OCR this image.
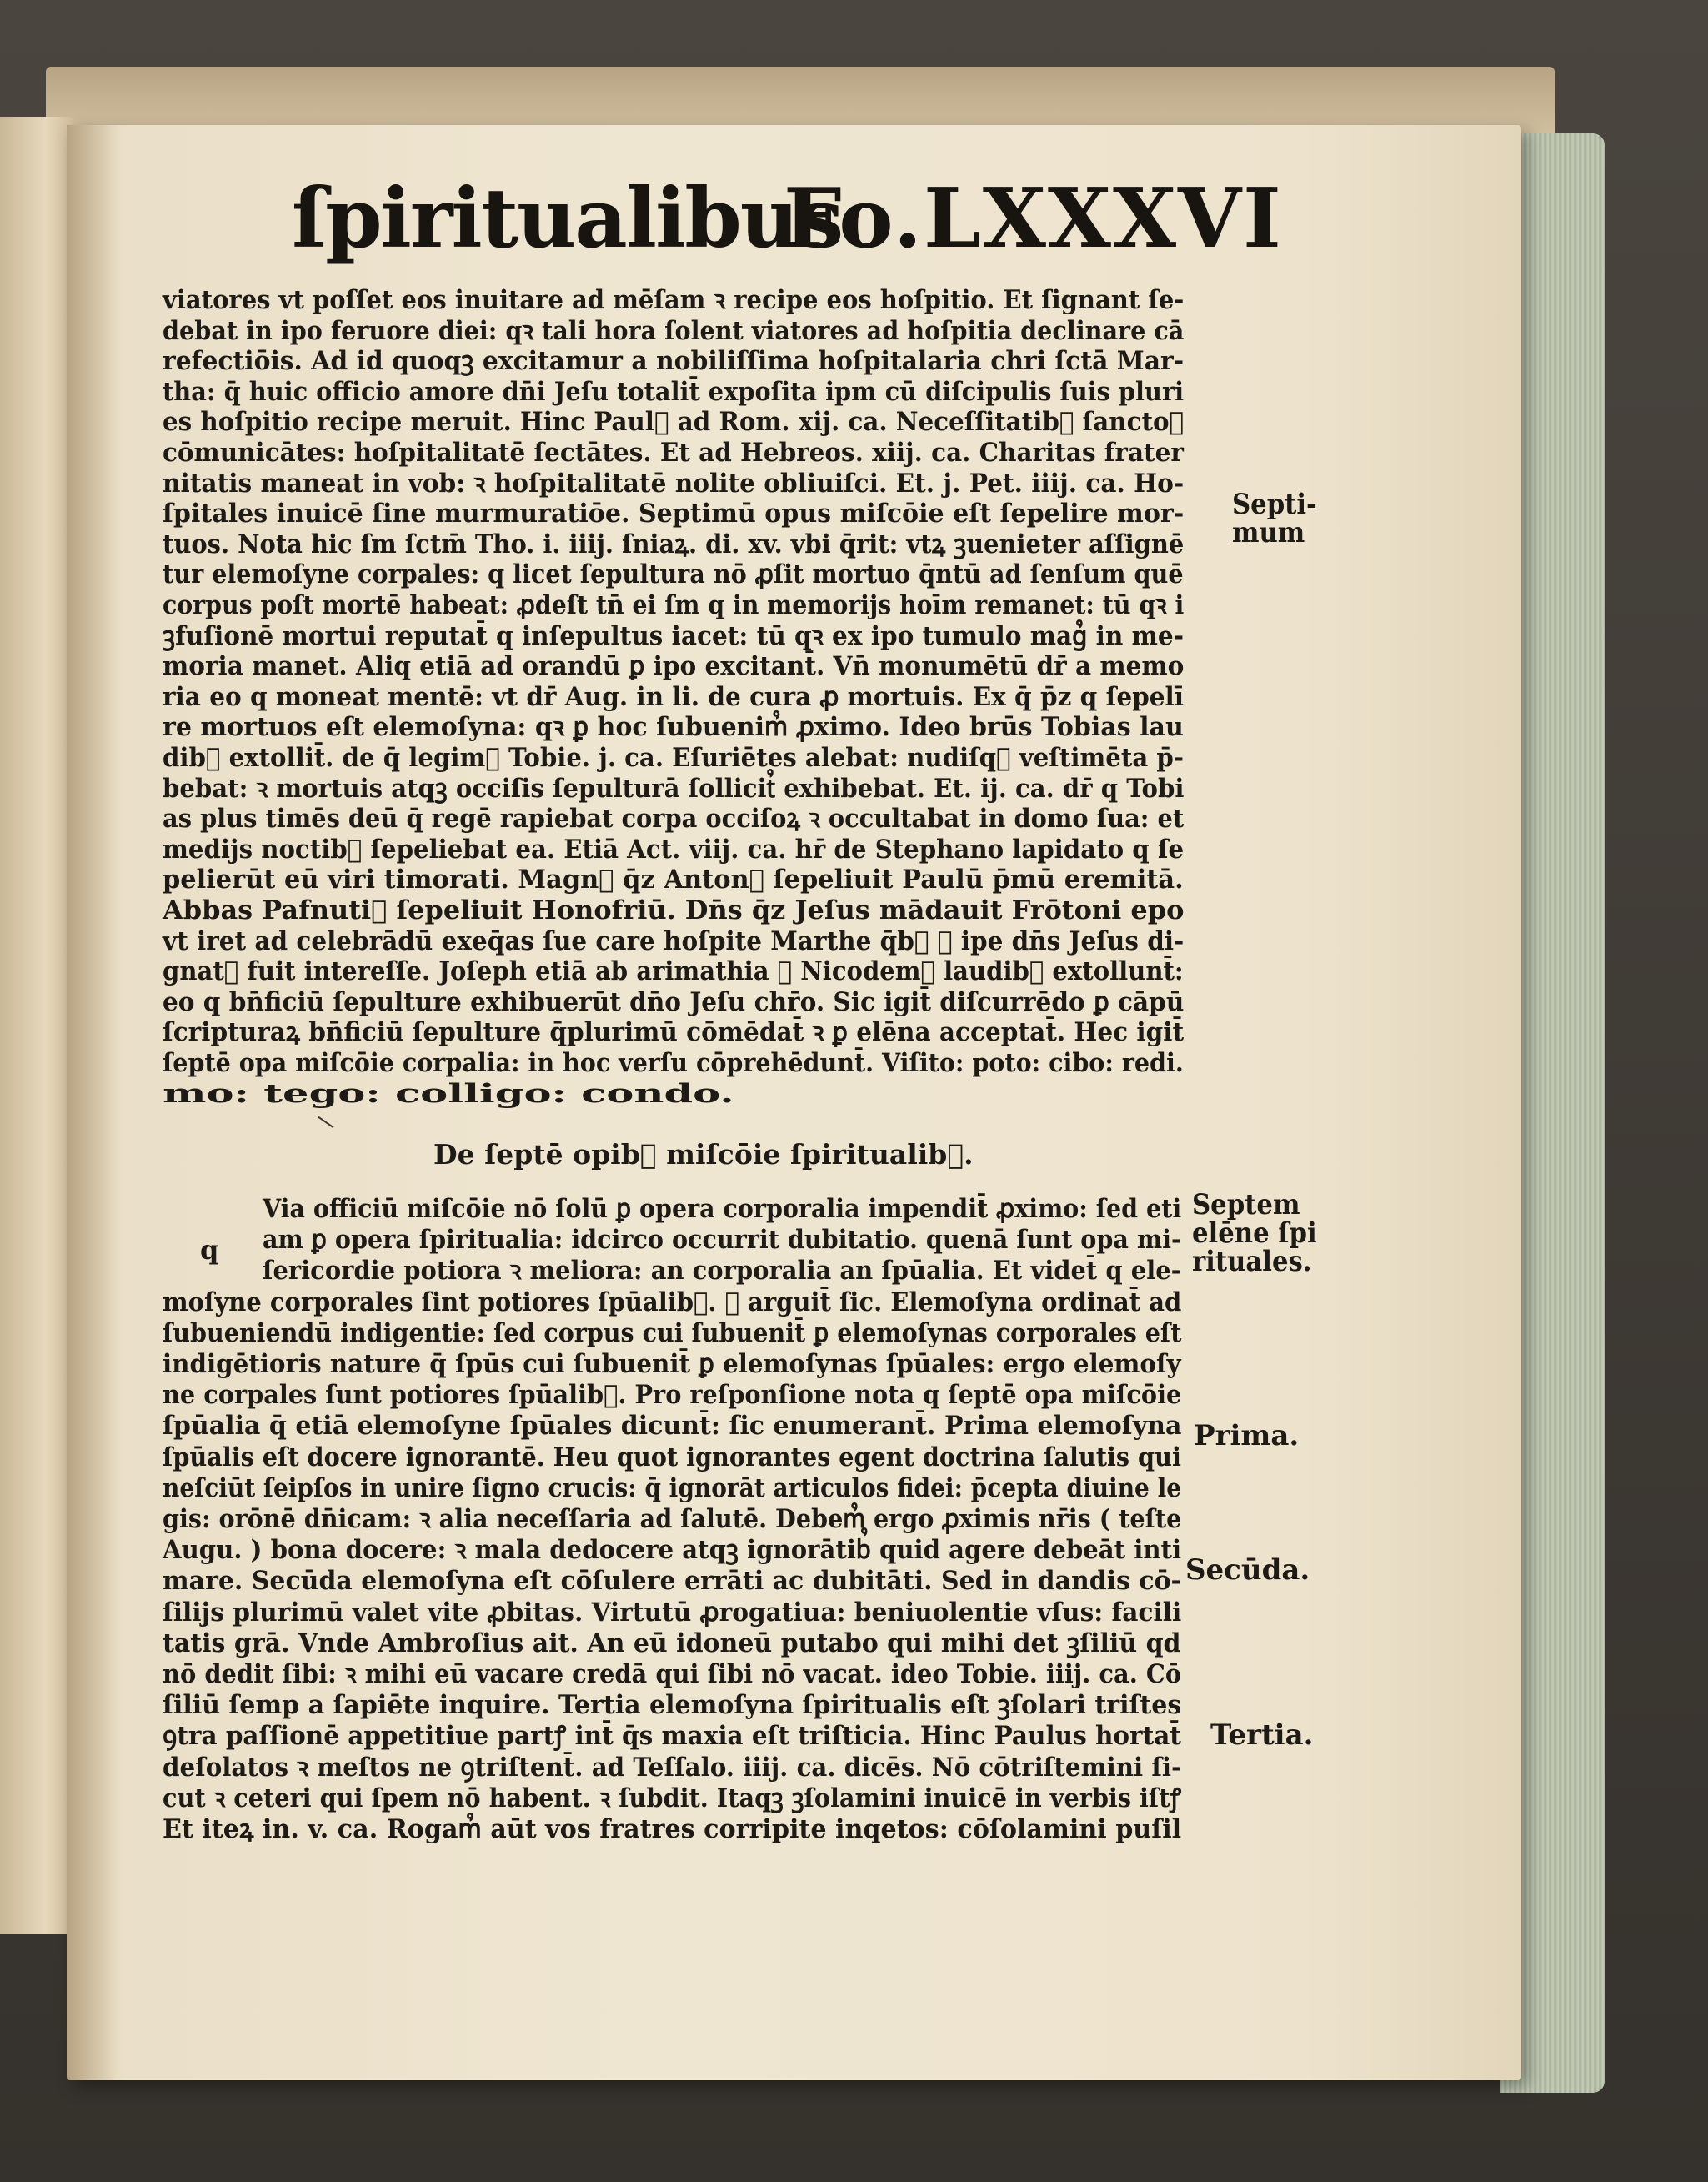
ſpiritualibus
Fo.LXXXVI
viatores vt poſſet eos inuitare ad mēſam ꝛ recipe eos hoſpitio. Et ſignant ſe-
debat in ipo feruore diei: qꝛ tali hora ſolent viatores ad hoſpitia declinare cā
refectiōis. Ad id quoqꝫ excitamur a nobiliſſima hoſpitalaria chri ſctā Mar-
tha: q̄ huic officio amore dn̄i Jeſu totalit̄ expoſita ipm cū diſcipulis ſuis pluri
es hoſpitio recipe meruit. Hinc Paul᷒ ad Rom. xij. ca. Neceſſitatib᷒ ſanctoꝝ
cōmunicātes: hoſpitalitatē ſectātes. Et ad Hebreos. xiij. ca. Charitas frater
nitatis maneat in vob: ꝛ hoſpitalitatē nolite obliuiſci. Et. j. Pet. iiij. ca. Ho-
ſpitales inuicē ſine murmuratiōe. Septimū opus miſcōie eſt ſepelire mor-
tuos. Nota hic ſm ſctm̄ Tho. i. iiij. ſniaꝝ. di. xv. vbi q̄rit: vtꝝ ꝫuenieter aſſignē
tur elemoſyne corpales: q licet ſepultura nō ꝓſit mortuo q̄ntū ad ſenſum quē
corpus poſt mortē habeat: ꝓdeſt tn̄ ei ſm q in memorijs hoīm remanet: tū qꝛ i
ꝫfuſionē mortui reputat̄ q inſepultus iacet: tū qꝛ ex ipo tumulo mag᷒ in me-
moria manet. Aliq etiā ad orandū ꝑ ipo excitant̄. Vn̄ monumētū dr̄ a memo
ria eo q moneat mentē: vt dr̄ Aug. in li. de cura ꝓ mortuis. Ex q̄ p̄z q ſepelī
re mortuos eſt elemoſyna: qꝛ ꝑ hoc ſubuenim᷒ ꝓximo. Ideo brūs Tobias lau
dib᷒ extollit̄. de q̄ legim᷒ Tobie. j. ca. Eſuriētes alebat: nudiſqꝫ veſtimēta p̄-
bebat: ꝛ mortuis atqꝫ occiſis ſepulturā ſollicit᷒ exhibebat. Et. ij. ca. dr̄ q Tobi
as plus timēs deū q̄ regē rapiebat corpa occiſoꝝ ꝛ occultabat in domo ſua: et
medijs noctib᷒ ſepeliebat ea. Etiā Act. viij. ca. hr̄ de Stephano lapidato q ſe
pelierūt eū viri timorati. Magn᷒ q̄z Anton᷒ ſepeliuit Paulū p̄mū eremitā.
Abbas Pafnuti᷒ ſepeliuit Honofriū. Dn̄s q̄z Jeſus mādauit Frōtoni epo
vt iret ad celebrādū exeq̄as ſue care hoſpite Marthe q̄b᷒ ꝛ ipe dn̄s Jeſus di-
gnat᷒ fuit intereſſe. Joſeph etiā ab arimathia ꝛ Nicodem᷒ laudib᷒ extollunt̄:
eo q bn̄ficiū ſepulture exhibuerūt dn̄o Jeſu chr̄o. Sic igit̄ diſcurrēdo ꝑ cāpū
ſcripturaꝝ bn̄ficiū ſepulture q̄plurimū cōmēdat̄ ꝛ ꝑ elēna acceptat̄. Hec igit̄
ſeptē opa miſcōie corpalia: in hoc verſu cōprehēdunt̄. Viſito: poto: cibo: redi.
mo: tego: colligo: condo.
De ſeptē opib᷒ miſcōie ſpiritualib᷒.
q
Via officiū miſcōie nō ſolū ꝑ opera corporalia impendit̄ ꝓximo: ſed eti
am ꝑ opera ſpiritualia: idcirco occurrit dubitatio. quenā ſunt opa mi-
ſericordie potiora ꝛ meliora: an corporalia an ſpūalia. Et videt̄ q ele-
moſyne corporales ſint potiores ſpūalib᷒. ꝛ arguit̄ ſic. Elemoſyna ordinat̄ ad
ſubueniendū indigentie: ſed corpus cui ſubuenit̄ ꝑ elemoſynas corporales eſt
indigētioris nature q̄ ſpūs cui ſubuenit̄ ꝑ elemoſynas ſpūales: ergo elemoſy
ne corpales ſunt potiores ſpūalib᷒. Pro reſponſione nota q ſeptē opa miſcōie
ſpūalia q̄ etiā elemoſyne ſpūales dicunt̄: ſic enumerant̄. Prima elemoſyna
ſpūalis eſt docere ignorantē. Heu quot ignorantes egent doctrina ſalutis qui
neſciūt ſeipſos in unire ſigno crucis: q̄ ignorāt articulos fidei: p̄cepta diuine le
gis: orōnē dn̄icam: ꝛ alia neceſſaria ad ſalutē. Debem᷒ ergo ꝓximis nr̄is ( teſte
Augu. ) bona docere: ꝛ mala dedocere atqꝫ ignorātib᷒ quid agere debeāt inti
mare. Secūda elemoſyna eſt cōſulere errāti ac dubitāti. Sed in dandis cō-
ſilijs plurimū valet vite ꝓbitas. Virtutū ꝓrogatiua: beniuolentie vſus: facili
tatis grā. Vnde Ambroſius ait. An eū idoneū putabo qui mihi det ꝫſiliū qd
nō dedit ſibi: ꝛ mihi eū vacare credā qui ſibi nō vacat. ideo Tobie. iiij. ca. Cō
ſiliū ſemp a ſapiēte inquire. Tertia elemoſyna ſpiritualis eſt ꝫſolari triſtes
ꝯtra paſſionē appetitiue partꝭ int̄ q̄s maxia eſt triſticia. Hinc Paulus hortat̄
deſolatos ꝛ meſtos ne ꝯtriſtent̄. ad Teſſalo. iiij. ca. dicēs. Nō cōtriſtemini ſi-
cut ꝛ ceteri qui ſpem nō habent. ꝛ ſubdit. Itaqꝫ ꝫſolamini inuicē in verbis iſtꝭ
Et iteꝝ in. v. ca. Rogam᷒ aūt vos fratres corripite inqetos: cōſolamini puſil
Septi-
mum
Septem
elēne ſpi
rituales.
Prima.
Secūda.
Tertia.
